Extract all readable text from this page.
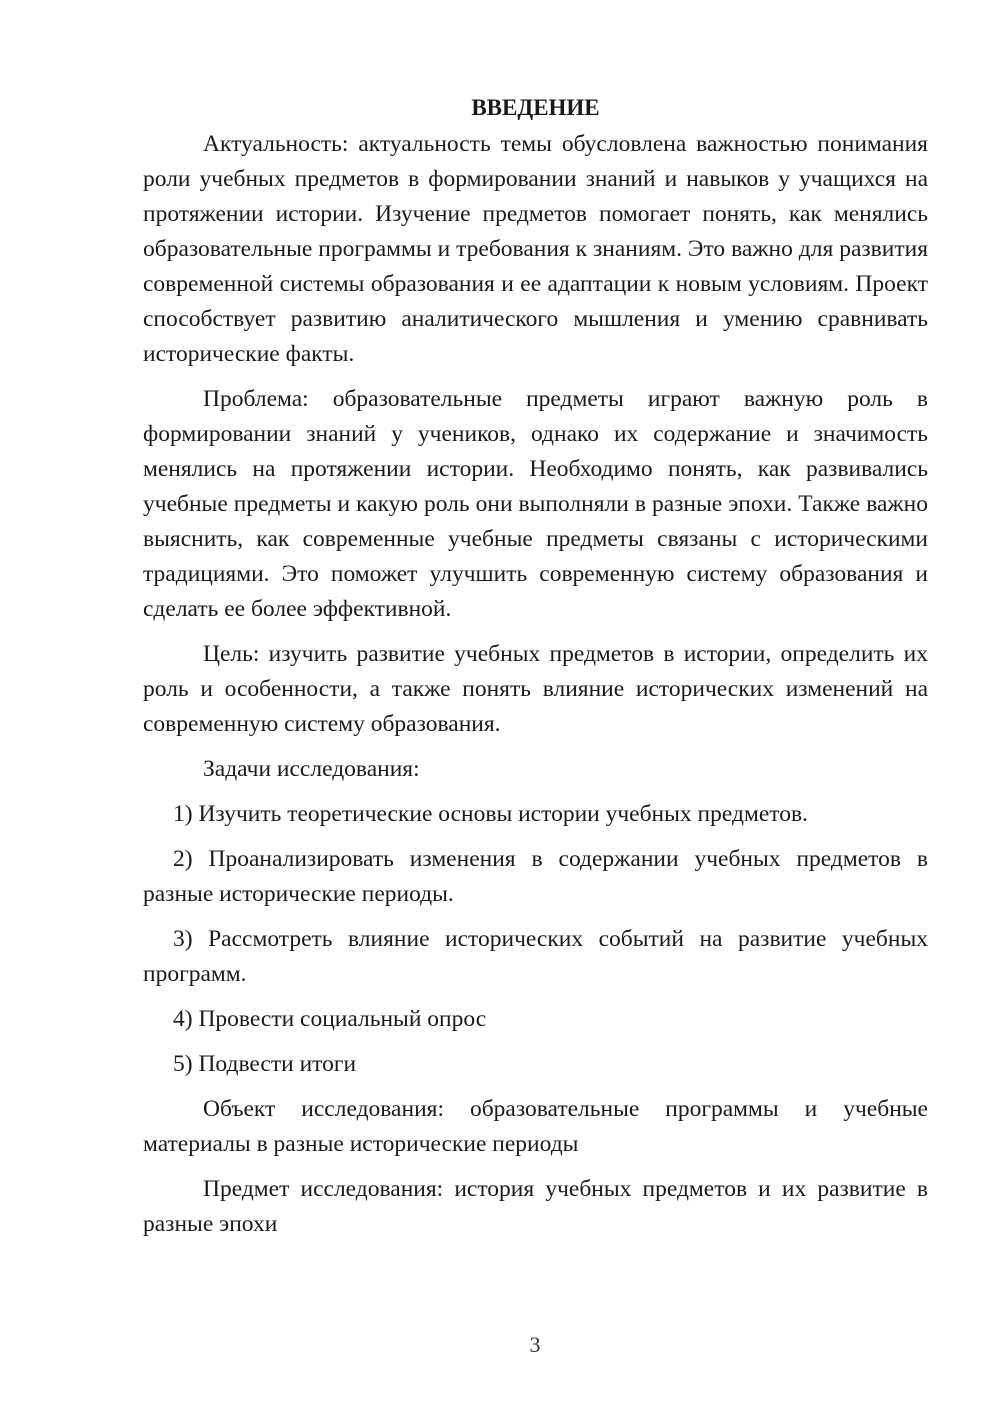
ВВЕДЕНИЕ

Актуальность: актуальность темы обусловлена важностью понимания роли учебных предметов в формировании знаний и навыков у учащихся на протяжении истории. Изучение предметов помогает понять, как менялись образовательные программы и требования к знаниям. Это важно для развития современной системы образования и ее адаптации к новым условиям. Проект способствует развитию аналитического мышления и умению сравнивать исторические факты.

Проблема: образовательные предметы играют важную роль в формировании знаний у учеников, однако их содержание и значимость менялись на протяжении истории. Необходимо понять, как развивались учебные предметы и какую роль они выполняли в разные эпохи. Также важно выяснить, как современные учебные предметы связаны с историческими традициями. Это поможет улучшить современную систему образования и сделать ее более эффективной.

Цель: изучить развитие учебных предметов в истории, определить их роль и особенности, а также понять влияние исторических изменений на современную систему образования.

Задачи исследования:

1) Изучить теоретические основы истории учебных предметов.

2) Проанализировать изменения в содержании учебных предметов в разные исторические периоды.

3) Рассмотреть влияние исторических событий на развитие учебных программ.

4) Провести социальный опрос

5) Подвести итоги

Объект исследования: образовательные программы и учебные материалы в разные исторические периоды

Предмет исследования: история учебных предметов и их развитие в разные эпохи

3
